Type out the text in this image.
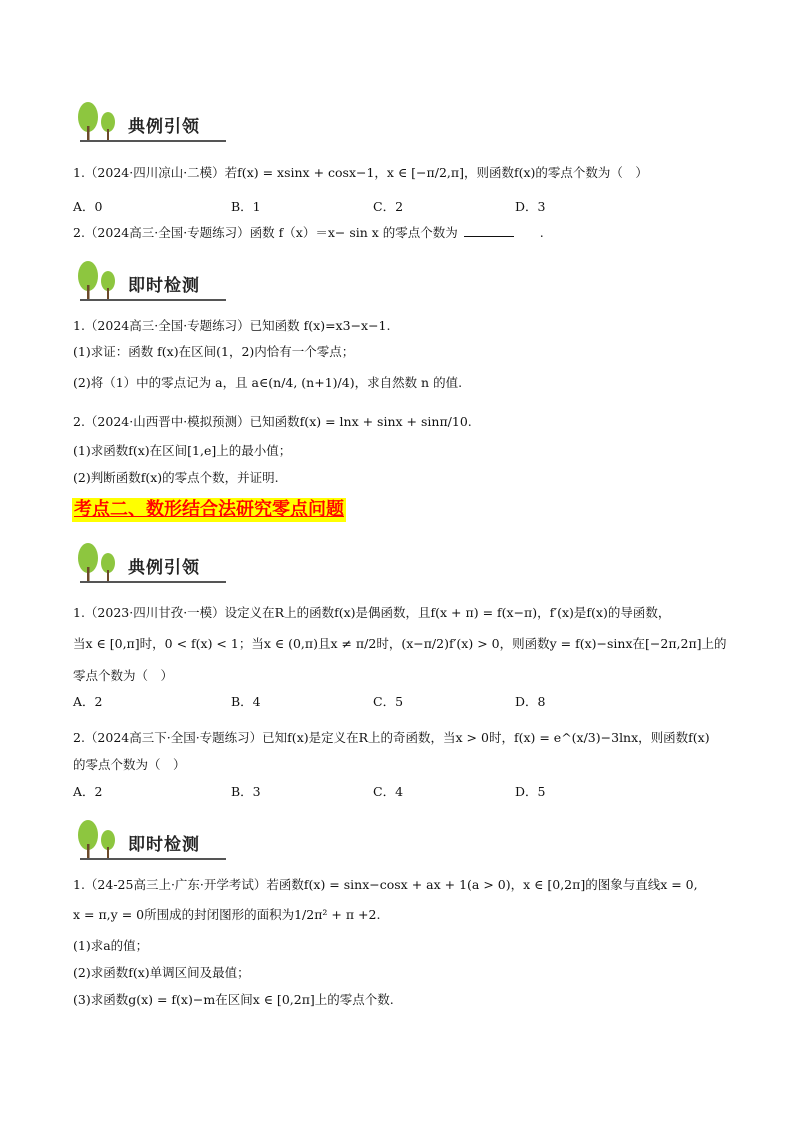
典例引领
1.（2024·四川凉山·二模）若f(x) = xsinx + cosx−1，x ∈ [−π/2,π]，则函数f(x)的零点个数为（　）
A．0	B．1	C．2	D．3
2.（2024高三·全国·专题练习）函数 f（x）＝x− sin x 的零点个数为	.
即时检测
1.（2024高三·全国·专题练习）已知函数 f(x)=x3−x−1.
(1)求证：函数 f(x)在区间(1，2)内恰有一个零点；
(2)将（1）中的零点记为 a，且 a∈(n/4, (n+1)/4)，求自然数 n 的值.
2.（2024·山西晋中·模拟预测）已知函数f(x) = lnx + sinx + sinπ/10.
(1)求函数f(x)在区间[1,e]上的最小值；
(2)判断函数f(x)的零点个数，并证明.
考点二、数形结合法研究零点问题
典例引领
1.（2023·四川甘孜·一模）设定义在R上的函数f(x)是偶函数，且f(x + π) = f(x−π)，f′(x)是f(x)的导函数，
当x ∈ [0,π]时，0 < f(x) < 1；当x ∈ (0,π)且x ≠ π/2时，(x−π/2)f′(x) > 0，则函数y = f(x)−sinx在[−2π,2π]上的
零点个数为（　）
A．2	B．4	C．5	D．8
2.（2024高三下·全国·专题练习）已知f(x)是定义在R上的奇函数，当x > 0时，f(x) = e^(x/3)−3lnx，则函数f(x)
的零点个数为（　）
A．2	B．3	C．4	D．5
即时检测
1.（24-25高三上·广东·开学考试）若函数f(x) = sinx−cosx + ax + 1(a > 0)，x ∈ [0,2π]的图象与直线x = 0,
x = π,y = 0所围成的封闭图形的面积为1/2π² + π +2.
(1)求a的值；
(2)求函数f(x)单调区间及最值；
(3)求函数g(x) = f(x)−m在区间x ∈ [0,2π]上的零点个数.
